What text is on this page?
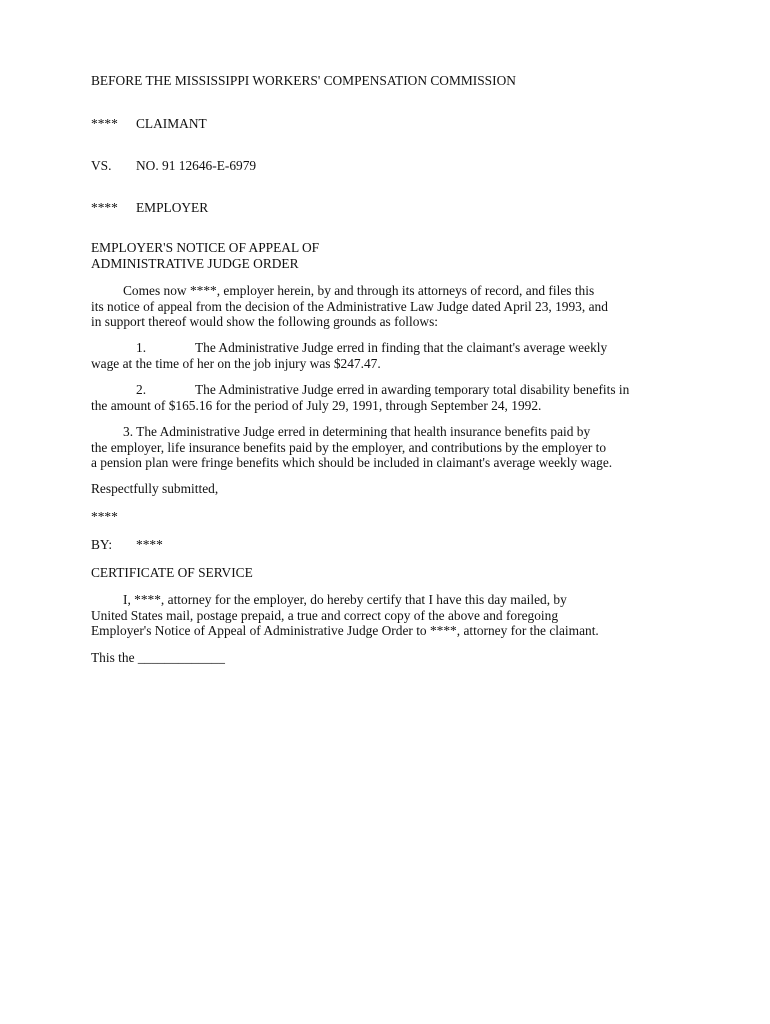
BEFORE THE MISSISSIPPI WORKERS' COMPENSATION COMMISSION
**** CLAIMANT
VS. NO. 91 12646-E-6979
**** EMPLOYER

EMPLOYER'S NOTICE OF APPEAL OF

ADMINISTRATIVE JUDGE ORDER

Comes now ****, employer herein, by and through its attorneys of record, and files this

its notice of appeal from the decision of the Administrative Law Judge dated April 23, 1993, and

in support thereof would show the following grounds as follows:

1.	The Administrative Judge erred in finding that the claimant's average weekly

wage at the time of her on the job injury was $247.47.

2.	The Administrative Judge erred in awarding temporary total disability benefits in

the amount of $165.16 for the period of July 29, 1991, through September 24, 1992.

3. The Administrative Judge erred in determining that health insurance benefits paid by

the employer, life insurance benefits paid by the employer, and contributions by the employer to

a pension plan were fringe benefits which should be included in claimant's average weekly wage.

Respectfully submitted,
****
BY: ****
CERTIFICATE OF SERVICE

I, ****, attorney for the employer, do hereby certify that I have this day mailed, by

United States mail, postage prepaid, a true and correct copy of the above and foregoing

Employer's Notice of Appeal of Administrative Judge Order to ****, attorney for the claimant.

This the _____________
